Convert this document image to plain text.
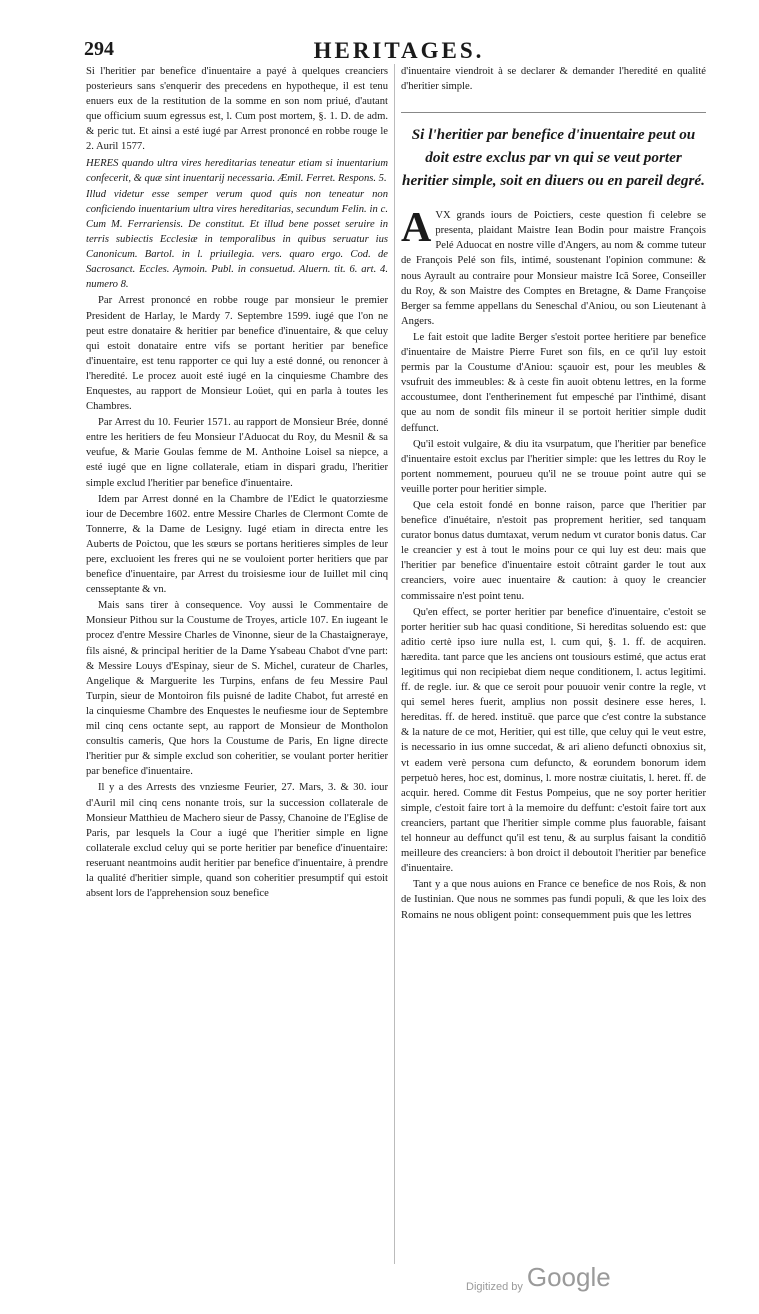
294	HERITAGES.

Si l'heritier par benefice d'inuentaire a payé à quelques creanciers posterieurs sans s'enquerir des precedens en hypotheque, il est tenu enuers eux de la restitution de la somme en son nom priué, d'autant que officium suum egressus est, l. Cum post mortem, §. 1. D. de adm. & peric tut. Et ainsi a esté iugé par Arrest prononcé en robbe rouge le 2. Auril 1577.

HERES quando ultra vires hereditarias teneatur etiam si inuentarium confecerit, & quæ sint inuentarij necessaria. Æmil. Ferret. Respons. 5.

Illud videtur esse semper verum quod quis non teneatur non conficiendo inuentarium ultra vires hereditarias, secundum Felin. in c. Cum M. Ferrariensis. De constitut. Et illud bene posset seruire in terris subiectis Ecclesiæ in temporalibus in quibus seruatur ius Canonicum. Bartol. in l. priuilegia. vers. quaro ergo. Cod. de Sacrosanct. Eccles. Aymoin. Publ. in consuetud. Aluern. tit. 6. art. 4. numero 8.

Par Arrest prononcé en robbe rouge par monsieur le premier President de Harlay, le Mardy 7. Septembre 1599. iugé que l'on ne peut estre donataire & heritier par benefice d'inuentaire, & que celuy qui estoit donataire entre vifs se portant heritier par benefice d'inuentaire, est tenu rapporter ce qui luy a esté donné, ou renoncer à l'heredité. Le procez auoit esté iugé en la cinquiesme Chambre des Enquestes, au rapport de Monsieur Loüet, qui en parla à toutes les Chambres.

Par Arrest du 10. Feurier 1571. au rapport de Monsieur Brée, donné entre les heritiers de feu Monsieur l'Aduocat du Roy, du Mesnil & sa veufue, & Marie Goulas femme de M. Anthoine Loisel sa niepce, a esté iugé que en ligne collaterale, etiam in dispari gradu, l'heritier simple exclud l'heritier par benefice d'inuentaire.

Idem par Arrest donné en la Chambre de l'Edict le quatorziesme iour de Decembre 1602. entre Messire Charles de Clermont Comte de Tonnerre, & la Dame de Lesigny. Iugé etiam in directa entre les Auberts de Poictou, que les sœurs se portans heritieres simples de leur pere, excluoient les freres qui ne se vouloient porter heritiers que par benefice d'inuentaire, par Arrest du troisiesme iour de Iuillet mil cinq censseptante & vn.

Mais sans tirer à consequence. Voy aussi le Commentaire de Monsieur Pithou sur la Coustume de Troyes, article 107. En iugeant le procez d'entre Messire Charles de Vinonne, sieur de la Chastaigneraye, fils aisné, & principal heritier de la Dame Ysabeau Chabot d'vne part: & Messire Louys d'Espinay, sieur de S. Michel, curateur de Charles, Angelique & Marguerite les Turpins, enfans de feu Messire Paul Turpin, sieur de Montoiron fils puisné de ladite Chabot, fut arresté en la cinquiesme Chambre des Enquestes le neufiesme iour de Septembre mil cinq cens octante sept, au rapport de Monsieur de Montholon consultis cameris, Que hors la Coustume de Paris, En ligne directe l'heritier pur & simple exclud son coheritier, se voulant porter heritier par benefice d'inuentaire.

Il y a des Arrests des vnziesme Feurier, 27. Mars, 3. & 30. iour d'Auril mil cinq cens nonante trois, sur la succession collaterale de Monsieur Matthieu de Machero sieur de Passy, Chanoine de l'Eglise de Paris, par lesquels la Cour a iugé que l'heritier simple en ligne collaterale exclud celuy qui se porte heritier par benefice d'inuentaire: reseruant neantmoins audit heritier par benefice d'inuentaire, à prendre la qualité d'heritier simple, quand son coheritier presumptif qui estoit absent lors de l'apprehension souz benefice

d'inuentaire viendroit à se declarer & demander l'heredité en qualité d'heritier simple.

Si l'heritier par benefice d'inuentaire peut ou doit estre exclus par vn qui se veut porter heritier simple, soit en diuers ou en pareil degré.
A VX grands iours de Poictiers, ceste question fi celebre se presenta, plaidant Maistre Iean Bodin pour maistre François Pelé Aduocat en nostre ville d'Angers, au nom & comme tuteur de François Pelé son fils, intimé, soustenant l'opinion commune: & nous Ayrault au contraire pour Monsieur maistre Icã Soree, Conseiller du Roy, & son Maistre des Comptes en Bretagne, & Dame Françoise Berger sa femme appellans du Seneschal d'Aniou, ou son Lieutenant à Angers.

Le fait estoit que ladite Berger s'estoit portee heritiere par benefice d'inuentaire de Maistre Pierre Furet son fils, en ce qu'il luy estoit permis par la Coustume d'Aniou: sçauoir est, pour les meubles & vsufruit des immeubles: & à ceste fin auoit obtenu lettres, en la forme accoustumee, dont l'entherinement fut empesché par l'inthimé, disant que au nom de sondit fils mineur il se portoit heritier simple dudit deffunct.

Qu'il estoit vulgaire, & diu ita vsurpatum, que l'heritier par benefice d'inuentaire estoit exclus par l'heritier simple: que les lettres du Roy le portent nommement, pourueu qu'il ne se trouue point autre qui se veuille porter pour heritier simple.

Que cela estoit fondé en bonne raison, parce que l'heritier par benefice d'inuétaire, n'estoit pas proprement heritier, sed tanquam curator bonus datus dumtaxat, verum nedum vt curator bonis datus. Car le creancier y est à tout le moins pour ce qui luy est deu: mais que l'heritier par benefice d'inuentaire estoit côtraint garder le tout aux creanciers, voire auec inuentaire & caution: à quoy le creancier commissaire n'est point tenu.

Qu'en effect, se porter heritier par benefice d'inuentaire, c'estoit se porter heritier sub hac quasi conditione, Si hereditas soluendo est: que aditio certè ipso iure nulla est, l. cum qui, §. 1. ff. de acquiren. hæredita. tant parce que les anciens ont tousiours estimé, que actus erat legitimus qui non recipiebat diem neque conditionem, l. actus legitimi. ff. de regle. iur. & que ce seroit pour pouuoir venir contre la regle, vt qui semel heres fuerit, amplius non possit desinere esse heres, l. hereditas. ff. de hered. instituë. que parce que c'est contre la substance & la nature de ce mot, Heritier, qui est tille, que celuy qui le veut estre, is necessario in ius omne succedat, & ari alieno defuncti obnoxius sit, vt eadem verè persona cum defuncto, & eorundem bonorum idem perpetuò heres, hoc est, dominus, l. more nostræ ciuitatis, l. heret. ff. de acquir. hered. Comme dit Festus Pompeius, que ne soy porter heritier simple, c'estoit faire tort à la memoire du deffunt: c'estoit faire tort aux creanciers, partant que l'heritier simple comme plus fauorable, faisant tel honneur au deffunct qu'il est tenu, & au surplus faisant la conditiõ meilleure des creanciers: à bon droict il deboutoit l'heritier par benefice d'inuentaire.

Tant y a que nous auions en France ce benefice de nos Rois, & non de Iustinian. Que nous ne sommes pas fundi populi, & que les loix des Romains ne nous obligent point: consequemment puis que les lettres

Digitized by Google
